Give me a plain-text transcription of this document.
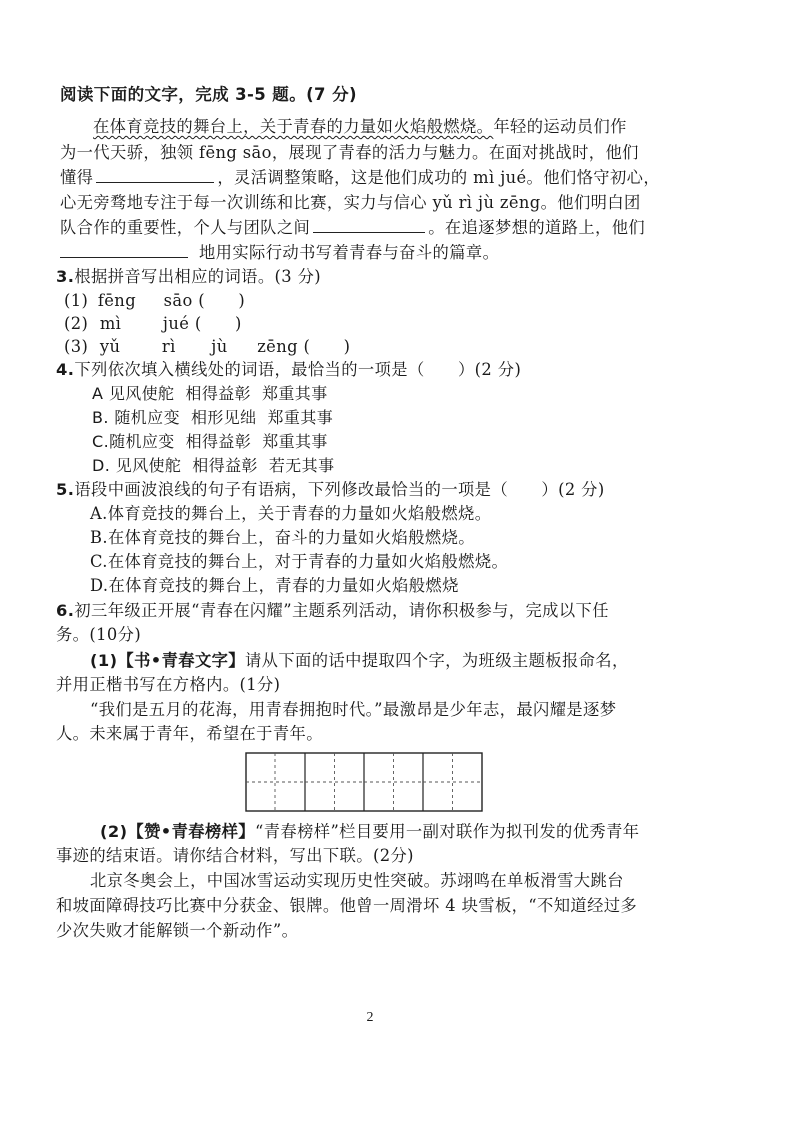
阅读下面的文字，完成 3-5 题。(7 分)
在体育竞技的舞台上，关于青春的力量如火焰般燃烧。年轻的运动员们作
为一代天骄，独领 fēng sāo，展现了青春的活力与魅力。在面对挑战时，他们
懂得	，灵活调整策略，这是他们成功的 mì jué。他们恪守初心，
心无旁骛地专注于每一次训练和比赛，实力与信心 yǔ rì jù zēng。他们明白团
队合作的重要性，个人与团队之间	。在追逐梦想的道路上，他们
地用实际行动书写着青春与奋斗的篇章。
3.根据拼音写出相应的词语。(3 分)
(1) fēng sāo (　　)
(2) mì	jué (　　)
(3) yǔ	rì jù zēng (　　)
4.下列依次填入横线处的词语，最恰当的一项是（　　）(2 分)
A 见风使舵  相得益彰  郑重其事
B. 随机应变  相形见绌  郑重其事
C.随机应变  相得益彰  郑重其事
D. 见风使舵  相得益彰  若无其事
5.语段中画波浪线的句子有语病，下列修改最恰当的一项是（　　）(2 分)
A.体育竞技的舞台上，关于青春的力量如火焰般燃烧。
B.在体育竞技的舞台上，奋斗的力量如火焰般燃烧。
C.在体育竞技的舞台上，对于青春的力量如火焰般燃烧。
D.在体育竞技的舞台上，青春的力量如火焰般燃烧
6.初三年级正开展“青春在闪耀”主题系列活动，请你积极参与，完成以下任
务。(10分)
(1)【书•青春文字】请从下面的话中提取四个字，为班级主题板报命名，
并用正楷书写在方格内。(1分)
“我们是五月的花海，用青春拥抱时代。”最激昂是少年志，最闪耀是逐梦
人。未来属于青年，希望在于青年。
(2)【赞•青春榜样】“青春榜样”栏目要用一副对联作为拟刊发的优秀青年
事迹的结束语。请你结合材料，写出下联。(2分)
北京冬奥会上，中国冰雪运动实现历史性突破。苏翊鸣在单板滑雪大跳台
和坡面障碍技巧比赛中分获金、银牌。他曾一周滑坏 4 块雪板，“不知道经过多
少次失败才能解锁一个新动作”。
2
